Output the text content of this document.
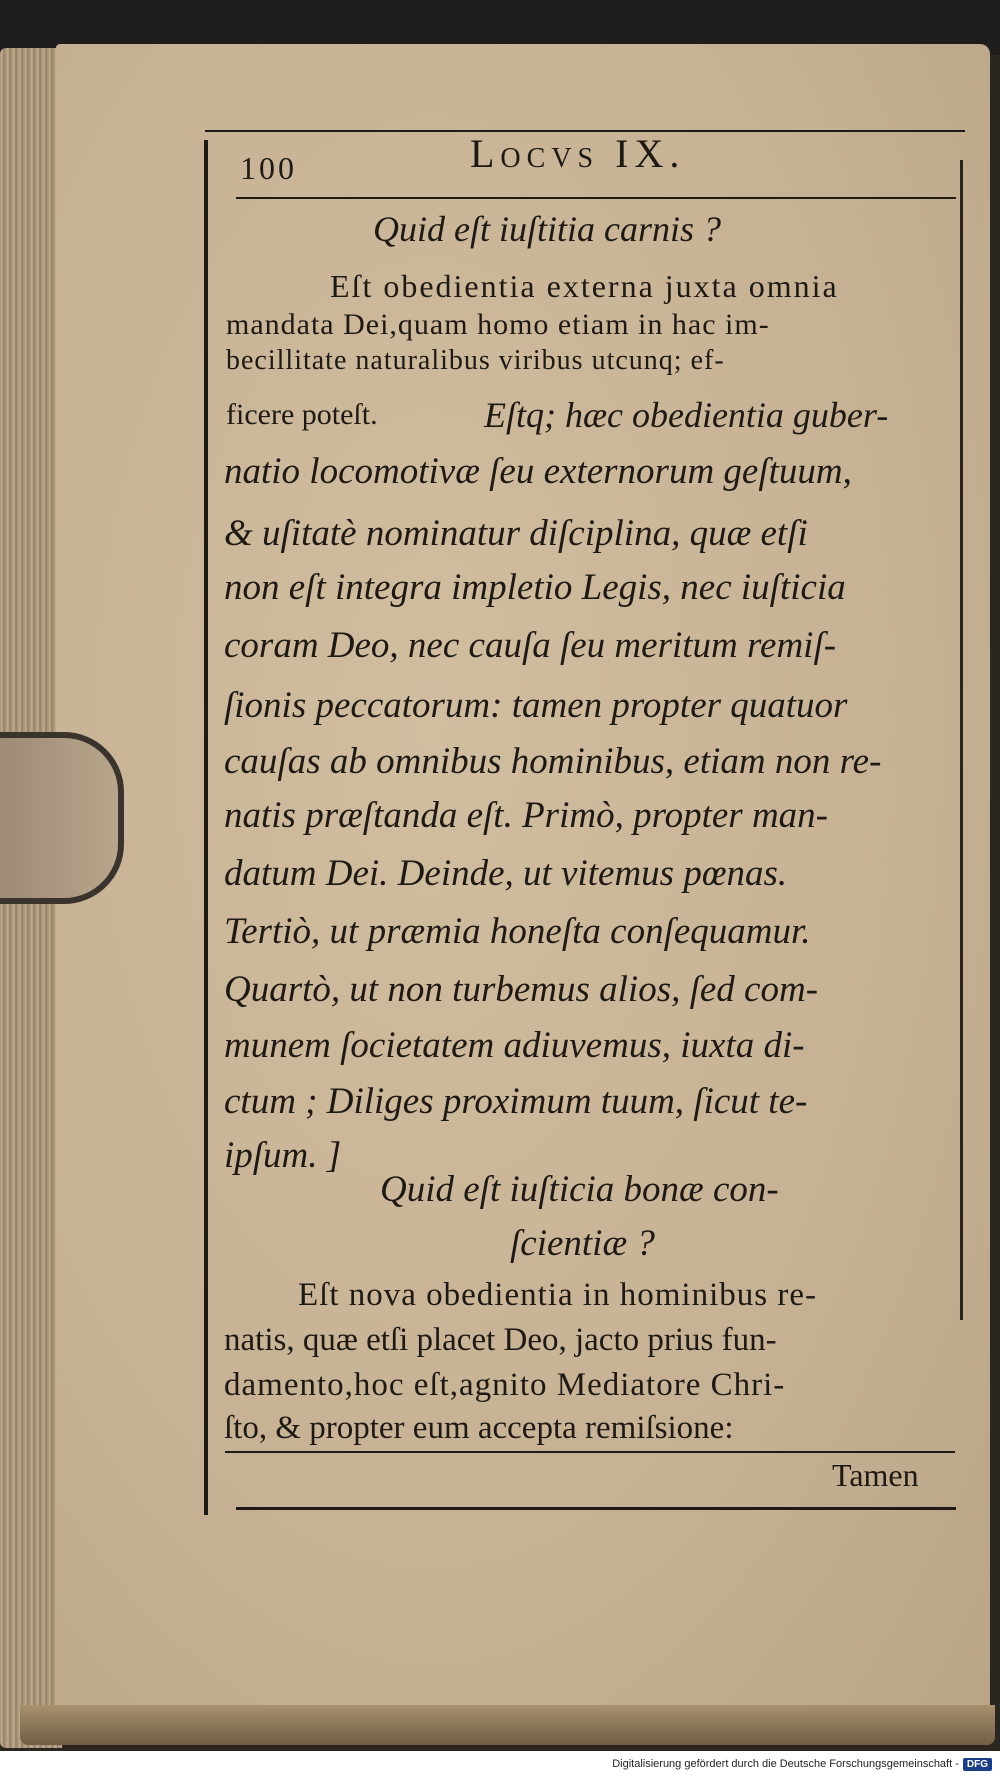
100	Locvs IX.
Quid eſt iuſtitia carnis ?
Eſt obedientia externa juxta omnia
mandata Dei,quam homo etiam in hac im-
becillitate naturalibus viribus utcunq; ef-
ficere poteſt.	Eſtq; hæc obedientia guber-
natio locomotivæ ſeu externorum geſtuum,
& uſitatè nominatur diſciplina, quæ etſi
non eſt integra impletio Legis, nec iuſticia
coram Deo, nec cauſa ſeu meritum remiſ-
ſionis peccatorum: tamen propter quatuor
cauſas ab omnibus hominibus, etiam non re-
natis præſtanda eſt. Primò, propter man-
datum Dei. Deinde, ut vitemus pœnas.
Tertiò, ut præmia honeſta conſequamur.
Quartò, ut non turbemus alios, ſed com-
munem ſocietatem adiuvemus, iuxta di-
ctum ; Diliges proximum tuum, ſicut te-
ipſum. ]
Quid eſt iuſticia bonæ con-
ſcientiæ ?
Eſt nova obedientia in hominibus re-
natis, quæ etſi placet Deo, jacto prius fun-
damento,hoc eſt,agnito Mediatore Chri-
ſto, & propter eum accepta remiſsione:
Tamen
Digitalisierung gefördert durch die Deutsche Forschungsgemeinschaft - DFG
